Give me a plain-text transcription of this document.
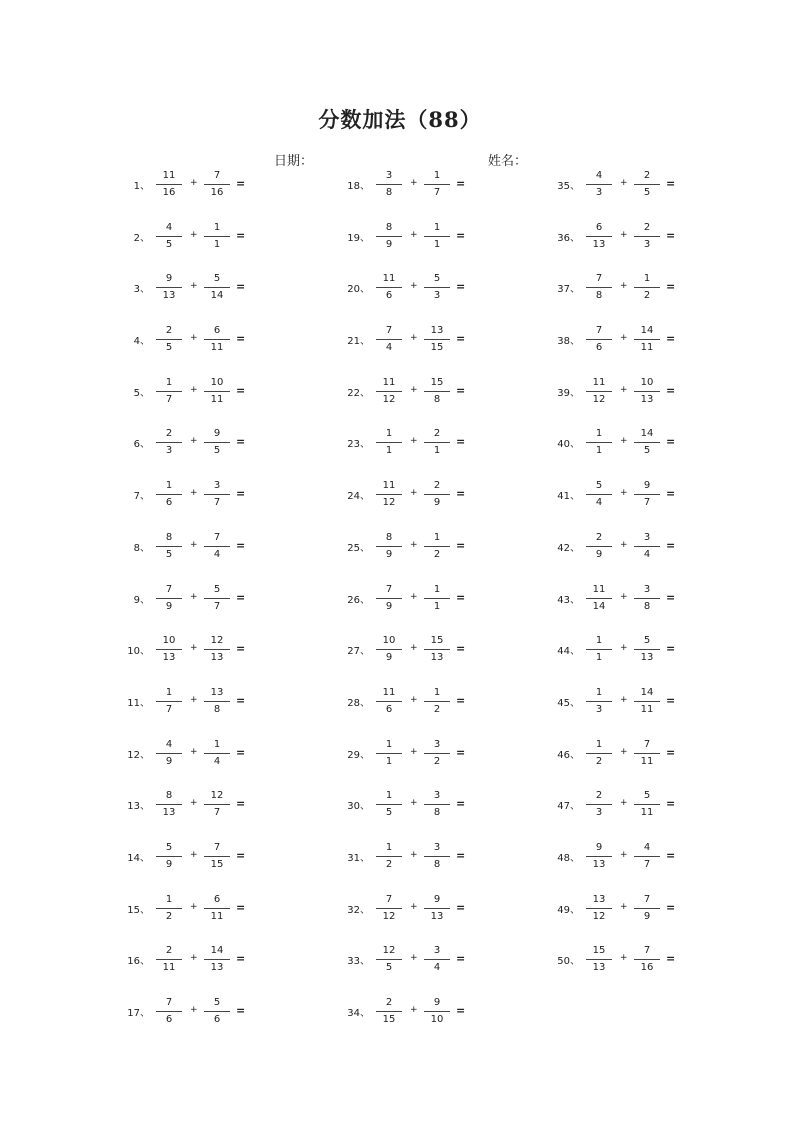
分数加法（88）
日期：	姓名：
1、 $\frac{11}{16} + \frac{7}{16}$ =
2、 $\frac{4}{5} + \frac{1}{1}$ =
3、 $\frac{9}{13} + \frac{5}{14}$ =
4、 $\frac{2}{5} + \frac{6}{11}$ =
5、 $\frac{1}{7} + \frac{10}{11}$ =
6、 $\frac{2}{3} + \frac{9}{5}$ =
7、 $\frac{1}{6} + \frac{3}{7}$ =
8、 $\frac{8}{5} + \frac{7}{4}$ =
9、 $\frac{7}{9} + \frac{5}{7}$ =
10、 $\frac{10}{13} + \frac{12}{13}$ =
11、 $\frac{1}{7} + \frac{13}{8}$ =
12、 $\frac{4}{9} + \frac{1}{4}$ =
13、 $\frac{8}{13} + \frac{12}{7}$ =
14、 $\frac{5}{9} + \frac{7}{15}$ =
15、 $\frac{1}{2} + \frac{6}{11}$ =
16、 $\frac{2}{11} + \frac{14}{13}$ =
17、 $\frac{7}{6} + \frac{5}{6}$ =
18、 $\frac{3}{8} + \frac{1}{7}$ =
19、 $\frac{8}{9} + \frac{1}{1}$ =
20、 $\frac{11}{6} + \frac{5}{3}$ =
21、 $\frac{7}{4} + \frac{13}{15}$ =
22、 $\frac{11}{12} + \frac{15}{8}$ =
23、 $\frac{1}{1} + \frac{2}{1}$ =
24、 $\frac{11}{12} + \frac{2}{9}$ =
25、 $\frac{8}{9} + \frac{1}{2}$ =
26、 $\frac{7}{9} + \frac{1}{1}$ =
27、 $\frac{10}{9} + \frac{15}{13}$ =
28、 $\frac{11}{6} + \frac{1}{2}$ =
29、 $\frac{1}{1} + \frac{3}{2}$ =
30、 $\frac{1}{5} + \frac{3}{8}$ =
31、 $\frac{1}{2} + \frac{3}{8}$ =
32、 $\frac{7}{12} + \frac{9}{13}$ =
33、 $\frac{12}{5} + \frac{3}{4}$ =
34、 $\frac{2}{15} + \frac{9}{10}$ =
35、 $\frac{4}{3} + \frac{2}{5}$ =
36、 $\frac{6}{13} + \frac{2}{3}$ =
37、 $\frac{7}{8} + \frac{1}{2}$ =
38、 $\frac{7}{6} + \frac{14}{11}$ =
39、 $\frac{11}{12} + \frac{10}{13}$ =
40、 $\frac{1}{1} + \frac{14}{5}$ =
41、 $\frac{5}{4} + \frac{9}{7}$ =
42、 $\frac{2}{9} + \frac{3}{4}$ =
43、 $\frac{11}{14} + \frac{3}{8}$ =
44、 $\frac{1}{1} + \frac{5}{13}$ =
45、 $\frac{1}{3} + \frac{14}{11}$ =
46、 $\frac{1}{2} + \frac{7}{11}$ =
47、 $\frac{2}{3} + \frac{5}{11}$ =
48、 $\frac{9}{13} + \frac{4}{7}$ =
49、 $\frac{13}{12} + \frac{7}{9}$ =
50、 $\frac{15}{13} + \frac{7}{16}$ =
